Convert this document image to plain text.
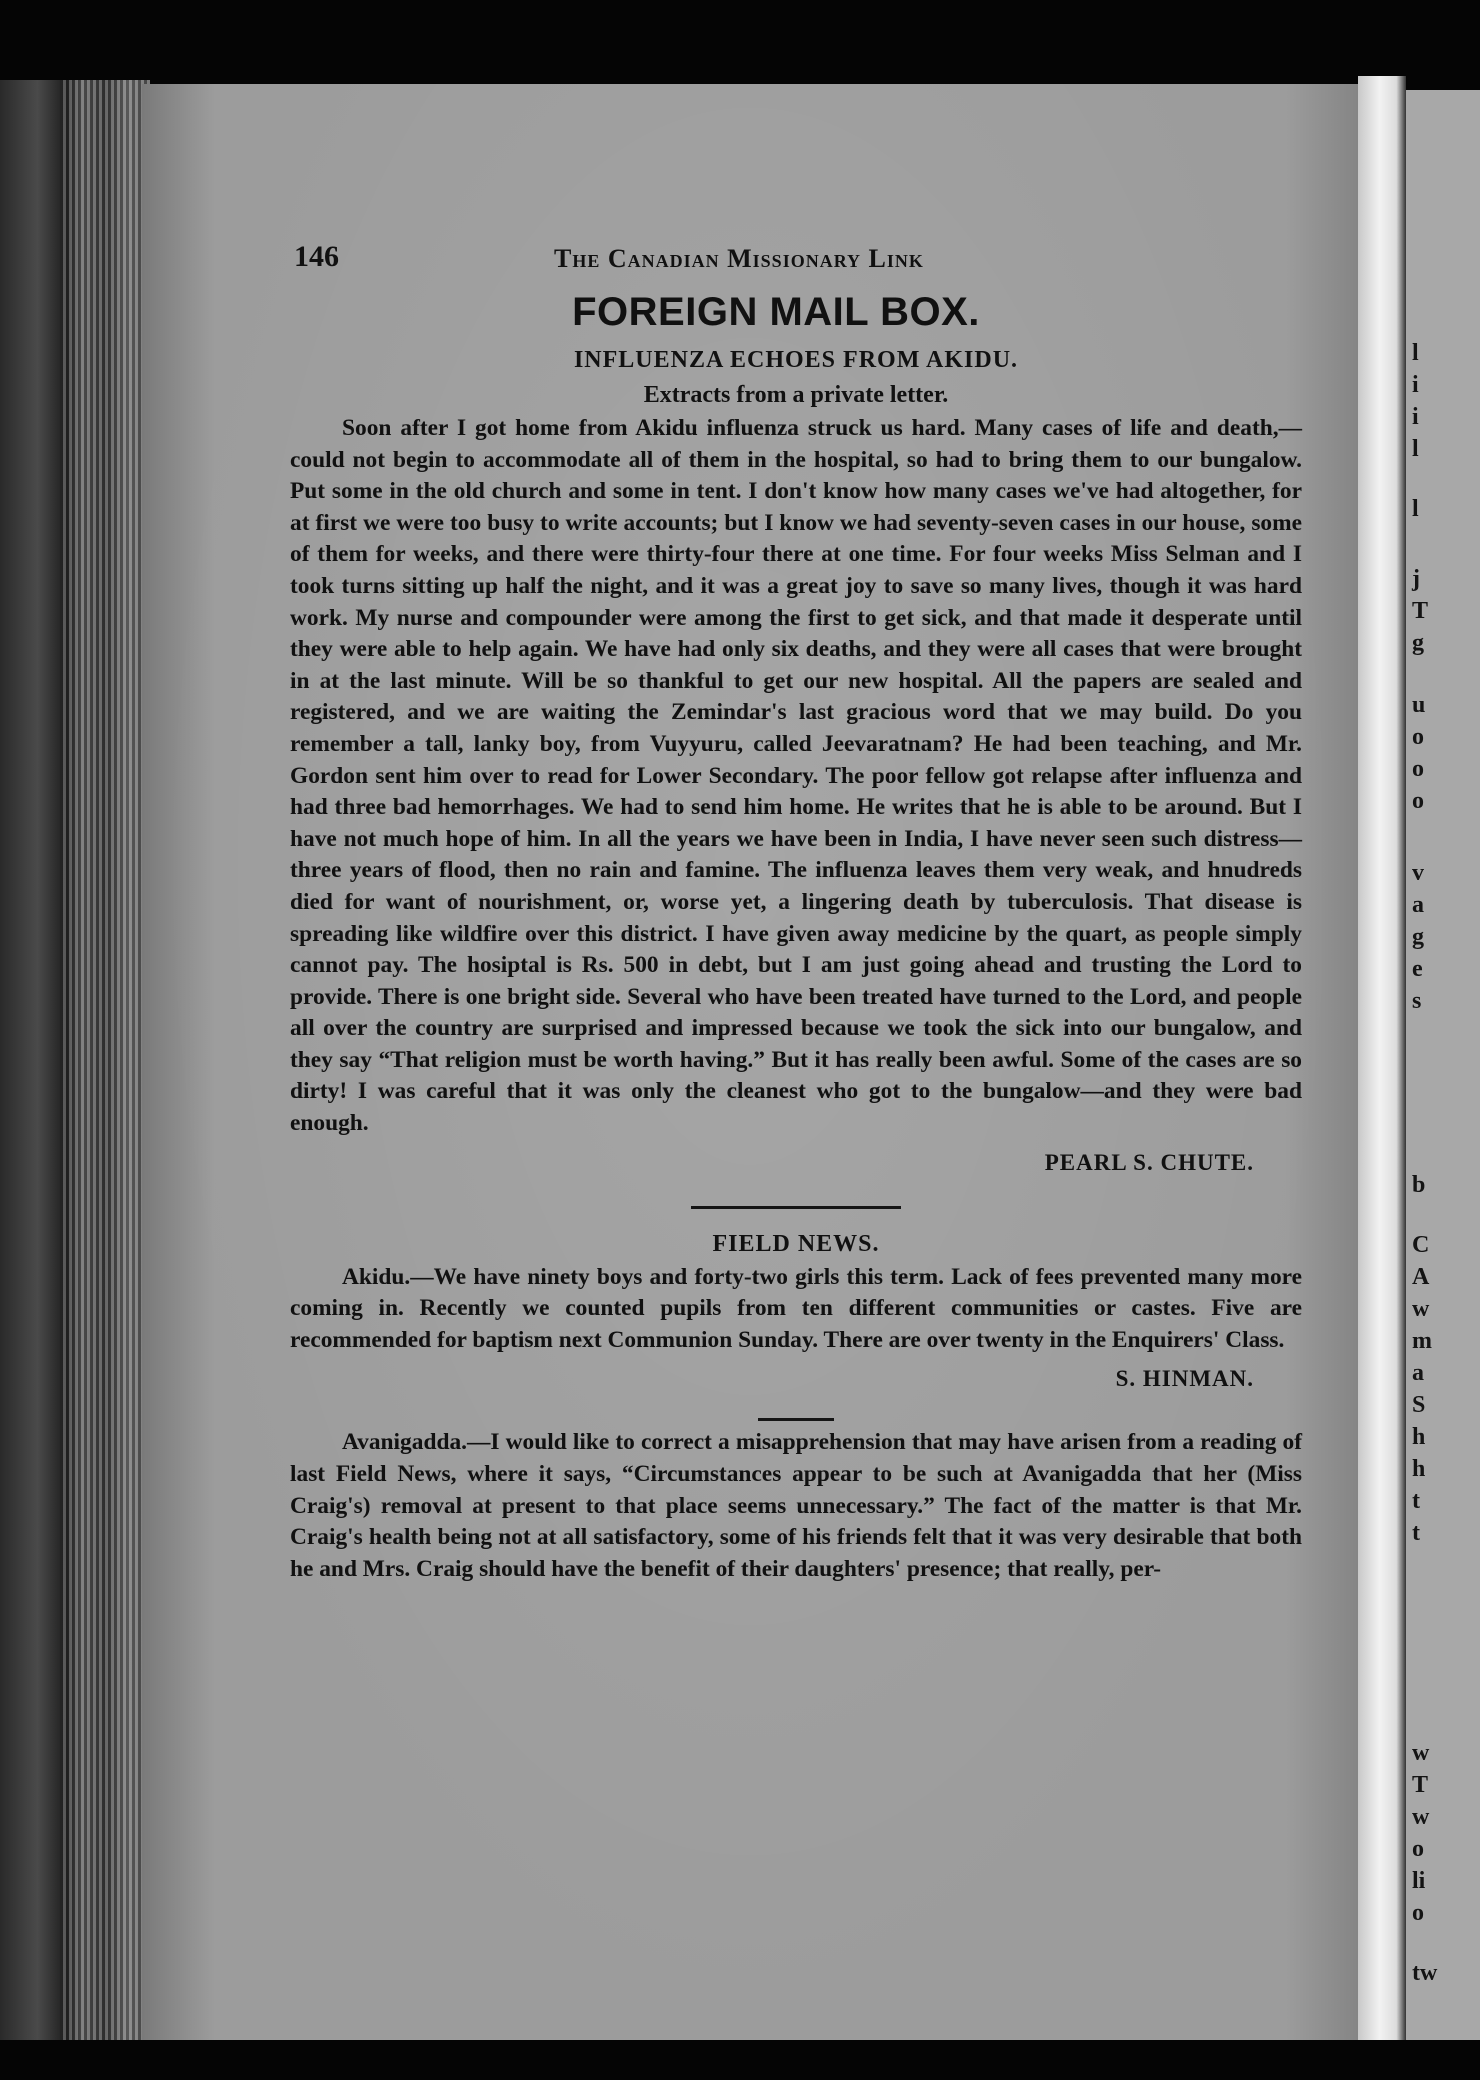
l
i
i
l
l
j
T
g
u
o
o
o
v
a
g
e
s
b
C
A
w
m
a
S
h
h
t
t
w
T
w
o
li
o
tw
146	The Canadian Missionary Link
FOREIGN MAIL BOX.
INFLUENZA ECHOES FROM AKIDU.

Extracts from a private letter.

Soon after I got home from Akidu influenza struck us hard. Many cases of life and death,—could not begin to accommodate all of them in the hospital, so had to bring them to our bungalow. Put some in the old church and some in tent. I don't know how many cases we've had altogether, for at first we were too busy to write accounts; but I know we had seventy-seven cases in our house, some of them for weeks, and there were thirty-four there at one time. For four weeks Miss Selman and I took turns sitting up half the night, and it was a great joy to save so many lives, though it was hard work. My nurse and compounder were among the first to get sick, and that made it desperate until they were able to help again. We have had only six deaths, and they were all cases that were brought in at the last minute. Will be so thankful to get our new hospital. All the papers are sealed and registered, and we are waiting the Zemindar's last gracious word that we may build. Do you remember a tall, lanky boy, from Vuyyuru, called Jeevaratnam? He had been teaching, and Mr. Gordon sent him over to read for Lower Secondary. The poor fellow got relapse after influenza and had three bad hemorrhages. We had to send him home. He writes that he is able to be around. But I have not much hope of him. In all the years we have been in India, I have never seen such distress—three years of flood, then no rain and famine. The influenza leaves them very weak, and hnudreds died for want of nourishment, or, worse yet, a lingering death by tuberculosis. That disease is spreading like wildfire over this district. I have given away medicine by the quart, as people simply cannot pay. The hosiptal is Rs. 500 in debt, but I am just going ahead and trusting the Lord to provide. There is one bright side. Several who have been treated have turned to the Lord, and people all over the country are surprised and impressed because we took the sick into our bungalow, and they say “That religion must be worth having.” But it has really been awful. Some of the cases are so dirty! I was careful that it was only the cleanest who got to the bungalow—and they were bad enough.

PEARL S. CHUTE.
FIELD NEWS.

Akidu.—We have ninety boys and forty-two girls this term. Lack of fees prevented many more coming in. Recently we counted pupils from ten different communities or castes. Five are recommended for baptism next Communion Sunday. There are over twenty in the Enquirers' Class.

S. HINMAN.

Avanigadda.—I would like to correct a misapprehension that may have arisen from a reading of last Field News, where it says, “Circumstances appear to be such at Avanigadda that her (Miss Craig's) removal at present to that place seems unnecessary.” The fact of the matter is that Mr. Craig's health being not at all satisfactory, some of his friends felt that it was very desirable that both he and Mrs. Craig should have the benefit of their daughters' presence; that really, per-
